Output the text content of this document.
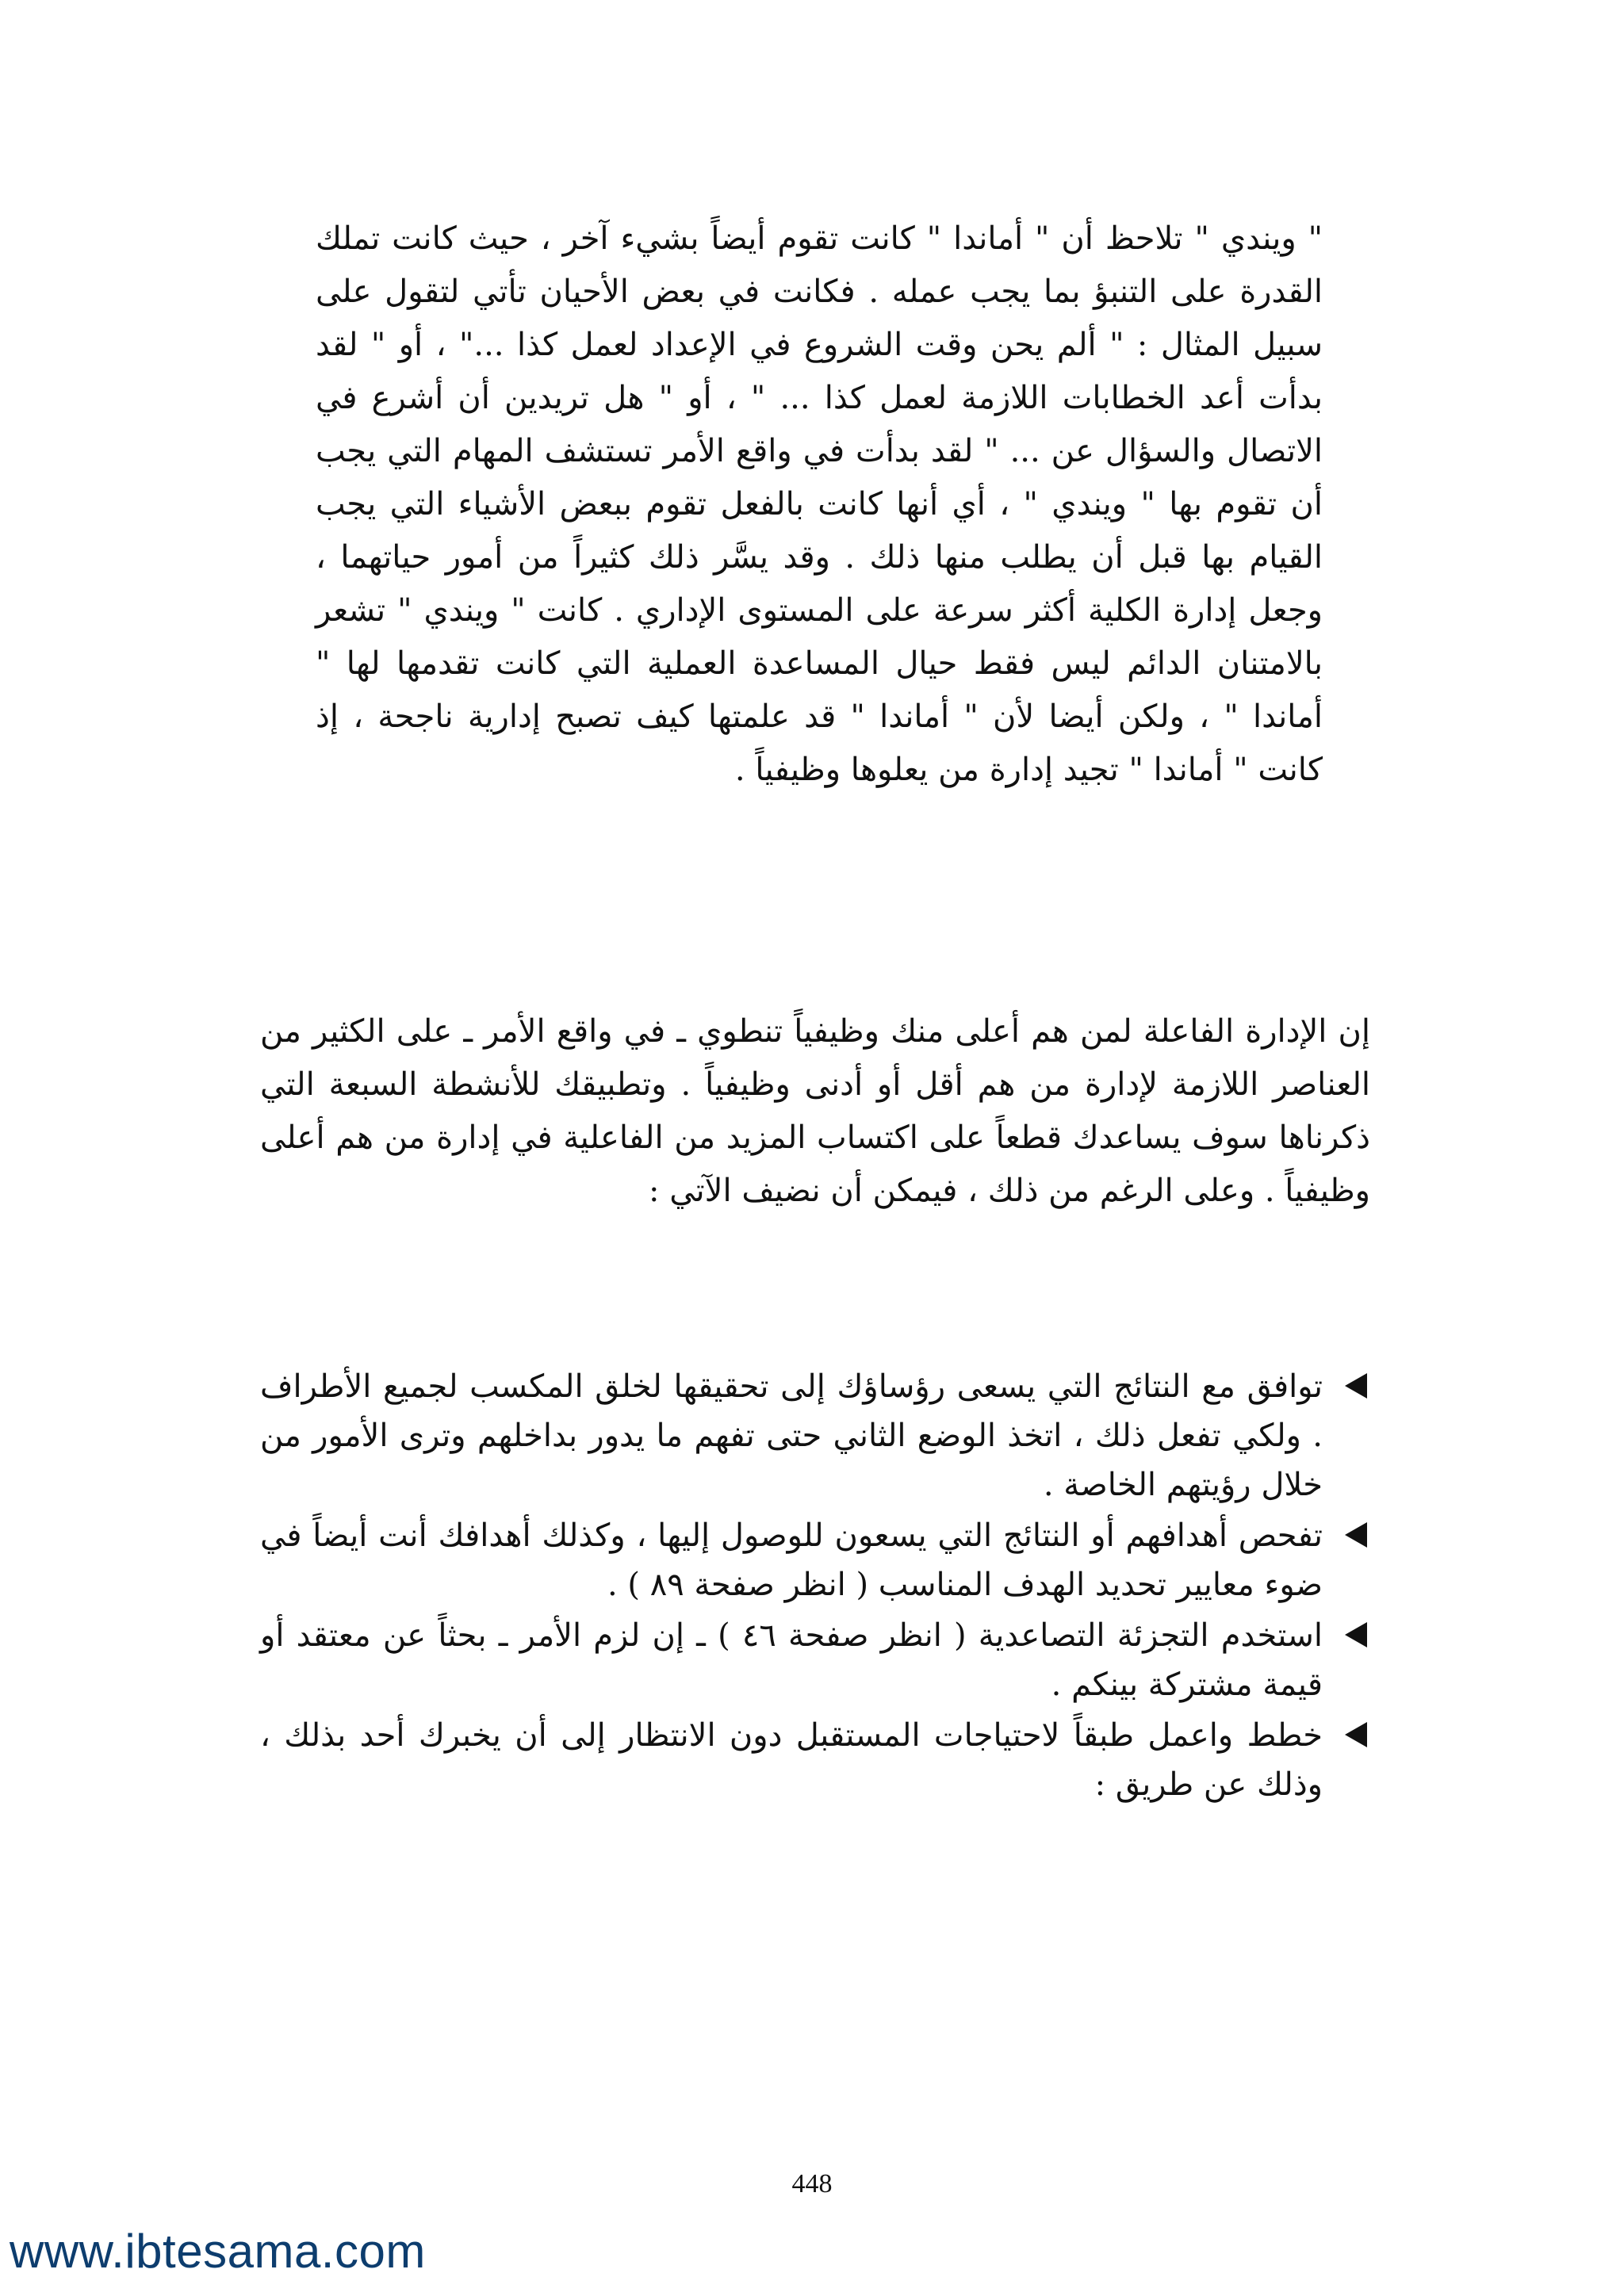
" ويندي " تلاحظ أن " أماندا " كانت تقوم أيضاً بشيء آخر ، حيث كانت تملك القدرة على التنبؤ بما يجب عمله . فكانت في بعض الأحيان تأتي لتقول على سبيل المثال : " ألم يحن وقت الشروع في الإعداد لعمل كذا ..." ، أو " لقد بدأت أعد الخطابات اللازمة لعمل كذا ... " ، أو " هل تريدين أن أشرع في الاتصال والسؤال عن ... " لقد بدأت في واقع الأمر تستشف المهام التي يجب أن تقوم بها " ويندي " ، أي أنها كانت بالفعل تقوم ببعض الأشياء التي يجب القيام بها قبل أن يطلب منها ذلك . وقد يسَّر ذلك كثيراً من أمور حياتهما ، وجعل إدارة الكلية أكثر سرعة على المستوى الإداري . كانت " ويندي " تشعر بالامتنان الدائم ليس فقط حيال المساعدة العملية التي كانت تقدمها لها " أماندا " ، ولكن أيضا لأن " أماندا " قد علمتها كيف تصبح إدارية ناجحة ، إذ كانت " أماندا " تجيد إدارة من يعلوها وظيفياً .
إن الإدارة الفاعلة لمن هم أعلى منك وظيفياً تنطوي ـ في واقع الأمر ـ على الكثير من العناصر اللازمة لإدارة من هم أقل أو أدنى وظيفياً . وتطبيقك للأنشطة السبعة التي ذكرناها سوف يساعدك قطعاً على اكتساب المزيد من الفاعلية في إدارة من هم أعلى وظيفياً . وعلى الرغم من ذلك ، فيمكن أن نضيف الآتي :
توافق مع النتائج التي يسعى رؤساؤك إلى تحقيقها لخلق المكسب لجميع الأطراف . ولكي تفعل ذلك ، اتخذ الوضع الثاني حتى تفهم ما يدور بداخلهم وترى الأمور من خلال رؤيتهم الخاصة .
تفحص أهدافهم أو النتائج التي يسعون للوصول إليها ، وكذلك أهدافك أنت أيضاً في ضوء معايير تحديد الهدف المناسب ( انظر صفحة ٨٩ ) .
استخدم التجزئة التصاعدية ( انظر صفحة ٤٦ ) ـ إن لزم الأمر ـ بحثاً عن معتقد أو قيمة مشتركة بينكم .
خطط واعمل طبقاً لاحتياجات المستقبل دون الانتظار إلى أن يخبرك أحد بذلك ، وذلك عن طريق :
448
www.ibtesama.com
